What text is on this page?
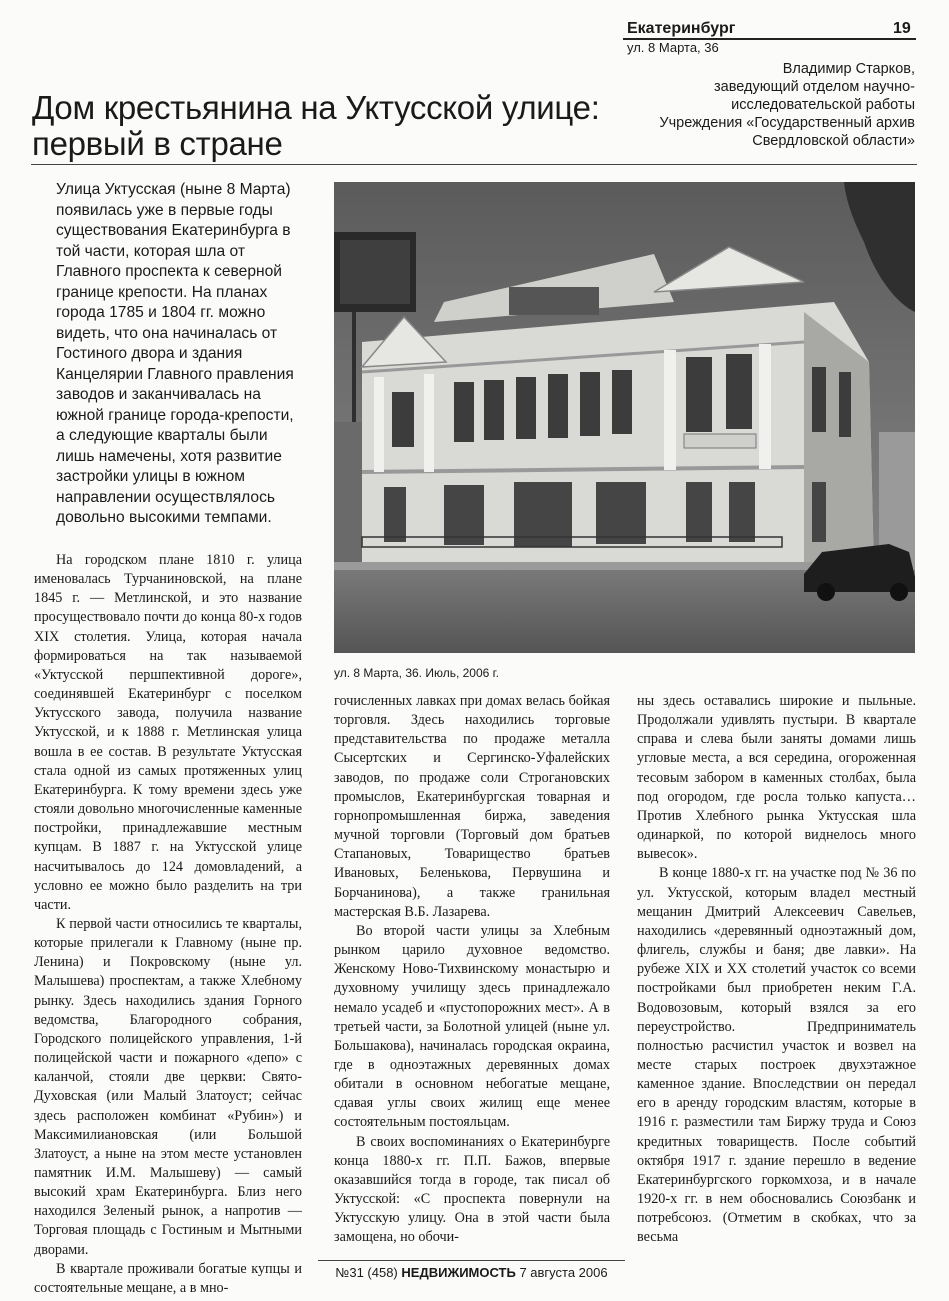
Екатеринбург	19
ул. 8 Марта, 36
Владимир Старков,
заведующий отделом научно-
исследовательской работы
Учреждения «Государственный архив
Свердловской области»
Дом крестьянина на Уктусской улице:
первый в стране
Улица Уктусская (ныне 8 Марта) появилась уже в первые годы существования Екатеринбурга в той части, которая шла от Главного проспекта к северной границе крепости. На планах города 1785 и 1804 гг. можно видеть, что она начиналась от Гостиного двора и здания Канцелярии Главного правления заводов и заканчивалась на южной границе города-крепости, а следующие кварталы были лишь намечены, хотя развитие застройки улицы в южном направлении осуществлялось довольно высокими темпами.
ул. 8 Марта, 36. Июль, 2006 г.

На городском плане 1810 г. улица именовалась Турчаниновской, на плане 1845 г. — Метлинской, и это название просуществовало почти до конца 80-х годов XIX столетия. Улица, которая начала формироваться на так называемой «Уктусской першпективной дороге», соединявшей Екатеринбург с поселком Уктусского завода, получила название Уктусской, и к 1888 г. Метлинская улица вошла в ее состав. В результате Уктусская стала одной из самых протяженных улиц Екатеринбурга. К тому времени здесь уже стояли довольно многочисленные каменные постройки, принадлежавшие местным купцам. В 1887 г. на Уктусской улице насчитывалось до 124 домовладений, а условно ее можно было разделить на три части.

К первой части относились те кварталы, которые прилегали к Главному (ныне пр. Ленина) и Покровскому (ныне ул. Малышева) проспектам, а также Хлебному рынку. Здесь находились здания Горного ведомства, Благородного собрания, Городского полицейского управления, 1-й полицейской части и пожарного «депо» с каланчой, стояли две церкви: Свято-Духовская (или Малый Златоуст; сейчас здесь расположен комбинат «Рубин») и Максимилиановская (или Большой Златоуст, а ныне на этом месте установлен памятник И.М. Малышеву) — самый высокий храм Екатеринбурга. Близ него находился Зеленый рынок, а напротив — Торговая площадь с Гостиным и Мытными дворами.

В квартале проживали богатые купцы и состоятельные мещане, а в мно-

гочисленных лавках при домах велась бойкая торговля. Здесь находились торговые представительства по продаже металла Сысертских и Сергинско-Уфалейских заводов, по продаже соли Строгановских промыслов, Екатеринбургская товарная и горнопромышленная биржа, заведения мучной торговли (Торговый дом братьев Стапановых, Товарищество братьев Ивановых, Беленькова, Первушина и Борчанинова), а также гранильная мастерская В.Б. Лазарева.

Во второй части улицы за Хлебным рынком царило духовное ведомство. Женскому Ново-Тихвинскому монастырю и духовному училищу здесь принадлежало немало усадеб и «пустопорожних мест». А в третьей части, за Болотной улицей (ныне ул. Большакова), начиналась городская окраина, где в одноэтажных деревянных домах обитали в основном небогатые мещане, сдавая углы своих жилищ еще менее состоятельным постояльцам.

В своих воспоминаниях о Екатеринбурге конца 1880-х гг. П.П. Бажов, впервые оказавшийся тогда в городе, так писал об Уктусской: «С проспекта повернули на Уктусскую улицу. Она в этой части была замощена, но обочи-

ны здесь оставались широкие и пыльные. Продолжали удивлять пустыри. В квартале справа и слева были заняты домами лишь угловые места, а вся середина, огороженная тесовым забором в каменных столбах, была под огородом, где росла только капуста… Против Хлебного рынка Уктусская шла одинаркой, по которой виднелось много вывесок».

В конце 1880-х гг. на участке под № 36 по ул. Уктусской, которым владел местный мещанин Дмитрий Алексеевич Савельев, находились «деревянный одноэтажный дом, флигель, службы и баня; две лавки». На рубеже XIX и XX столетий участок со всеми постройками был приобретен неким Г.А. Водовозовым, который взялся за его переустройство. Предприниматель полностью расчистил участок и возвел на месте старых построек двухэтажное каменное здание. Впоследствии он передал его в аренду городским властям, которые в 1916 г. разместили там Биржу труда и Союз кредитных товариществ. После событий октября 1917 г. здание перешло в ведение Екатеринбургского горкомхоза, и в начале 1920-х гг. в нем обосновались Союзбанк и потребсоюз. (Отметим в скобках, что за весьма

№31 (458) НЕДВИЖИМОСТЬ 7 августа 2006
